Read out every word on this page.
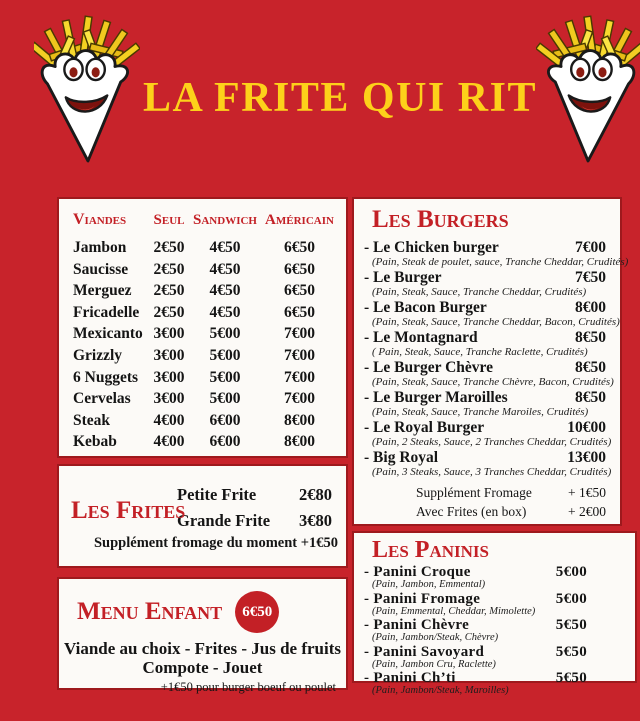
LA FRITE QUI RIT
Viandes	Seul Sandwich Américain
Jambon	2€50	4€50	6€50
Saucisse	2€50	4€50	6€50
Merguez	2€50	4€50	6€50
Fricadelle 2€50	4€50	6€50
Mexicanto 3€00	5€00	7€00
Grizzly	3€00	5€00	7€00
6 Nuggets 3€00	5€00	7€00
Cervelas	3€00	5€00	7€00
Steak	4€00	6€00	8€00
Kebab	4€00	6€00	8€00
Les Frites
Petite Frite	2€80
Grande Frite 3€80
Supplément fromage du moment +1€50
Menu Enfant	6€50
Viande au choix - Frites - Jus de fruits
Compote - Jouet
+1€50 pour burger boeuf ou poulet
Les Burgers
- Le Chicken burger	7€00
(Pain, Steak de poulet, sauce, Tranche Cheddar, Crudités)
- Le Burger	7€50
(Pain, Steak, Sauce, Tranche Cheddar, Crudités)
- Le Bacon Burger	8€00
(Pain, Steak, Sauce, Tranche Cheddar, Bacon, Crudités)
- Le Montagnard	8€50
( Pain, Steak, Sauce, Tranche Raclette, Crudités)
- Le Burger Chèvre	8€50
(Pain, Steak, Sauce, Tranche Chèvre, Bacon, Crudités)
- Le Burger Maroilles	8€50
(Pain, Steak, Sauce, Tranche Maroiles, Crudités)
- Le Royal Burger	10€00
(Pain, 2 Steaks, Sauce, 2 Tranches Cheddar, Crudités)
- Big Royal	13€00
(Pain, 3 Steaks, Sauce, 3 Tranches Cheddar, Crudités)
Supplément Fromage	+ 1€50
Avec Frites (en box)	+ 2€00
Les Paninis
- Panini Croque	5€00
(Pain, Jambon, Emmental)
- Panini Fromage	5€00
(Pain, Emmental, Cheddar, Mimolette)
- Panini Chèvre	5€50
(Pain, Jambon/Steak, Chèvre)
- Panini Savoyard	5€50
(Pain, Jambon Cru, Raclette)
- Panini Ch’ti	5€50
(Pain, Jambon/Steak, Maroilles)
